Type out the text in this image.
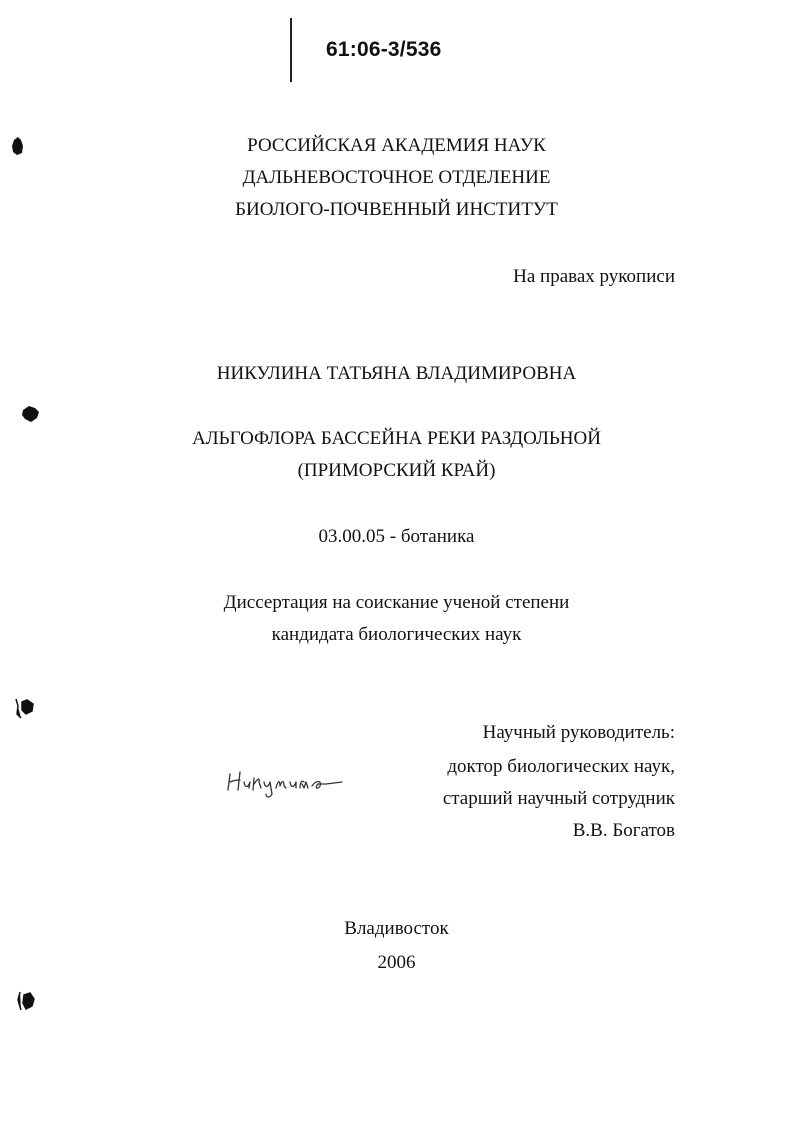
61:06-3/536
РОССИЙСКАЯ АКАДЕМИЯ НАУК
ДАЛЬНЕВОСТОЧНОЕ ОТДЕЛЕНИЕ
БИОЛОГО-ПОЧВЕННЫЙ ИНСТИТУТ
На правах рукописи
НИКУЛИНА ТАТЬЯНА ВЛАДИМИРОВНА
АЛЬГОФЛОРА БАССЕЙНА РЕКИ РАЗДОЛЬНОЙ
(ПРИМОРСКИЙ КРАЙ)
03.00.05 - ботаника
Диссертация на соискание ученой степени
кандидата биологических наук
Научный руководитель:
доктор биологических наук,
старший научный сотрудник
В.В. Богатов
Владивосток
2006
